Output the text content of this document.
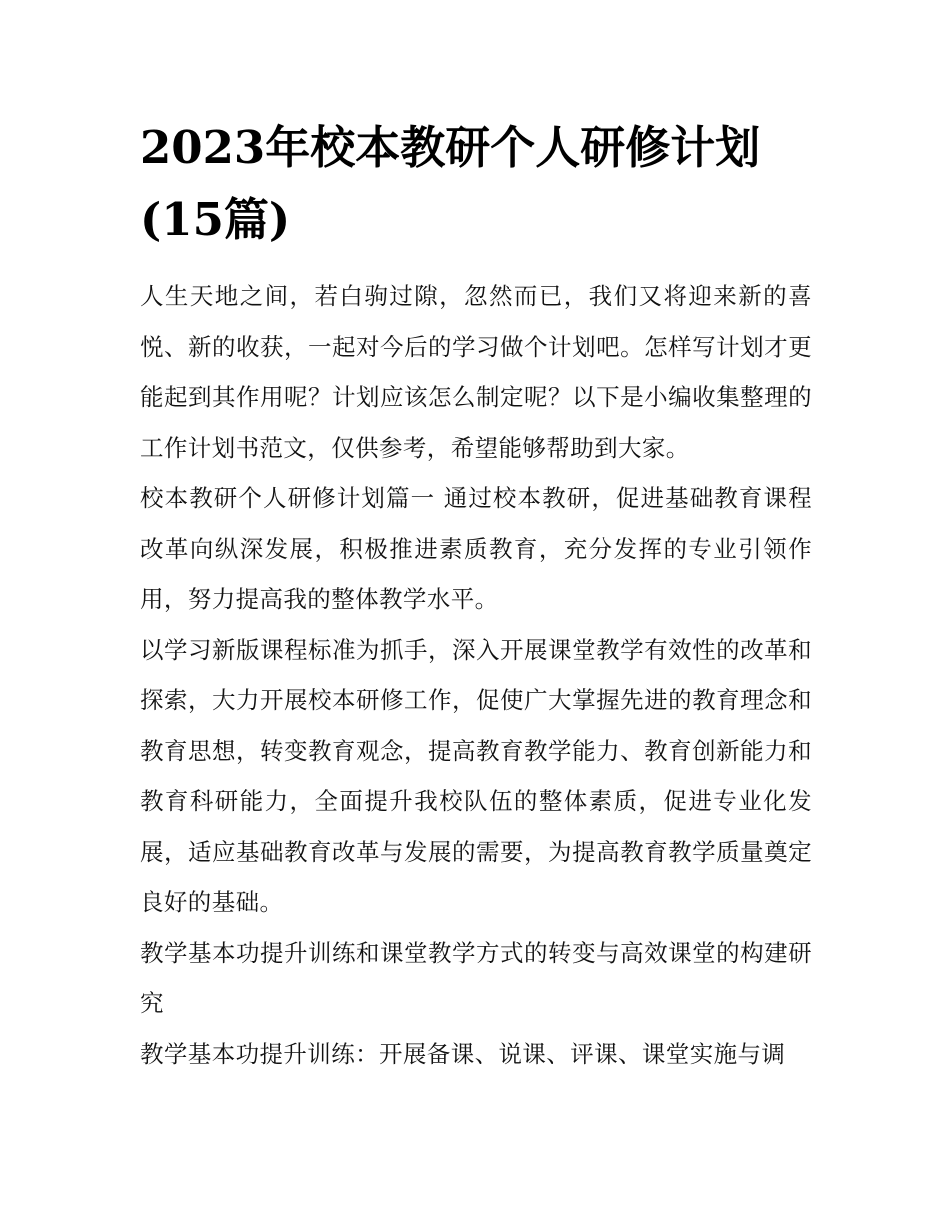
2023年校本教研个人研修计划(15篇)

人生天地之间，若白驹过隙，忽然而已，我们又将迎来新的喜悦、新的收获，一起对今后的学习做个计划吧。怎样写计划才更能起到其作用呢？计划应该怎么制定呢？以下是小编收集整理的工作计划书范文，仅供参考，希望能够帮助到大家。

校本教研个人研修计划篇一 通过校本教研，促进基础教育课程改革向纵深发展，积极推进素质教育，充分发挥的专业引领作用，努力提高我的整体教学水平。

以学习新版课程标准为抓手，深入开展课堂教学有效性的改革和探索，大力开展校本研修工作，促使广大掌握先进的教育理念和教育思想，转变教育观念，提高教育教学能力、教育创新能力和教育科研能力，全面提升我校队伍的整体素质，促进专业化发展，适应基础教育改革与发展的需要，为提高教育教学质量奠定良好的基础。

教学基本功提升训练和课堂教学方式的转变与高效课堂的构建研究

教学基本功提升训练：开展备课、说课、评课、课堂实施与调
